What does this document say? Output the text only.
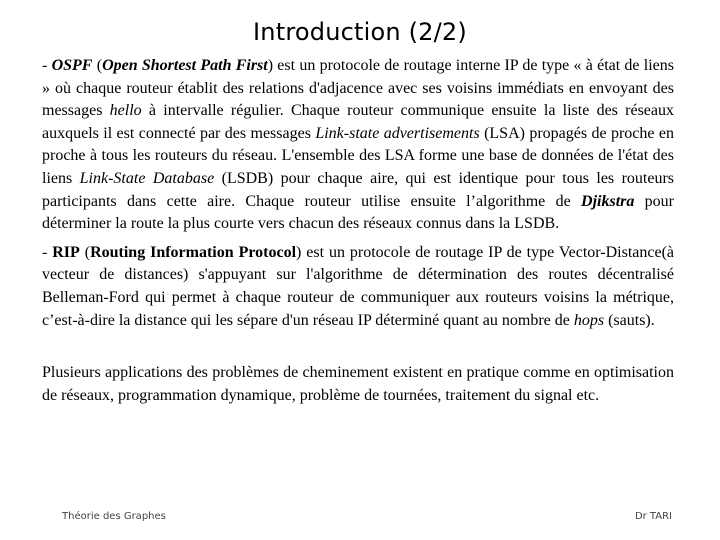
Introduction (2/2)

- OSPF (Open Shortest Path First) est un protocole de routage interne IP de type « à état de liens » où chaque routeur établit des relations d'adjacence avec ses voisins immédiats en envoyant des messages hello à intervalle régulier. Chaque routeur communique ensuite la liste des réseaux auxquels il est connecté par des messages Link-state advertisements (LSA) propagés de proche en proche à tous les routeurs du réseau. L'ensemble des LSA forme une base de données de l'état des liens Link-State Database (LSDB) pour chaque aire, qui est identique pour tous les routeurs participants dans cette aire. Chaque routeur utilise ensuite l’algorithme de Djikstra pour déterminer la route la plus courte vers chacun des réseaux connus dans la LSDB.

- RIP (Routing Information Protocol) est un protocole de routage IP de type Vector-Distance(à vecteur de distances) s'appuyant sur l'algorithme de détermination des routes décentralisé Belleman-Ford qui permet à chaque routeur de communiquer aux routeurs voisins la métrique, c’est-à-dire la distance qui les sépare d'un réseau IP déterminé quant au nombre de hops (sauts).

Plusieurs applications des problèmes de cheminement existent en pratique comme en optimisation de réseaux, programmation dynamique, problème de tournées, traitement du signal etc.

Théorie des Graphes	Dr TARI
